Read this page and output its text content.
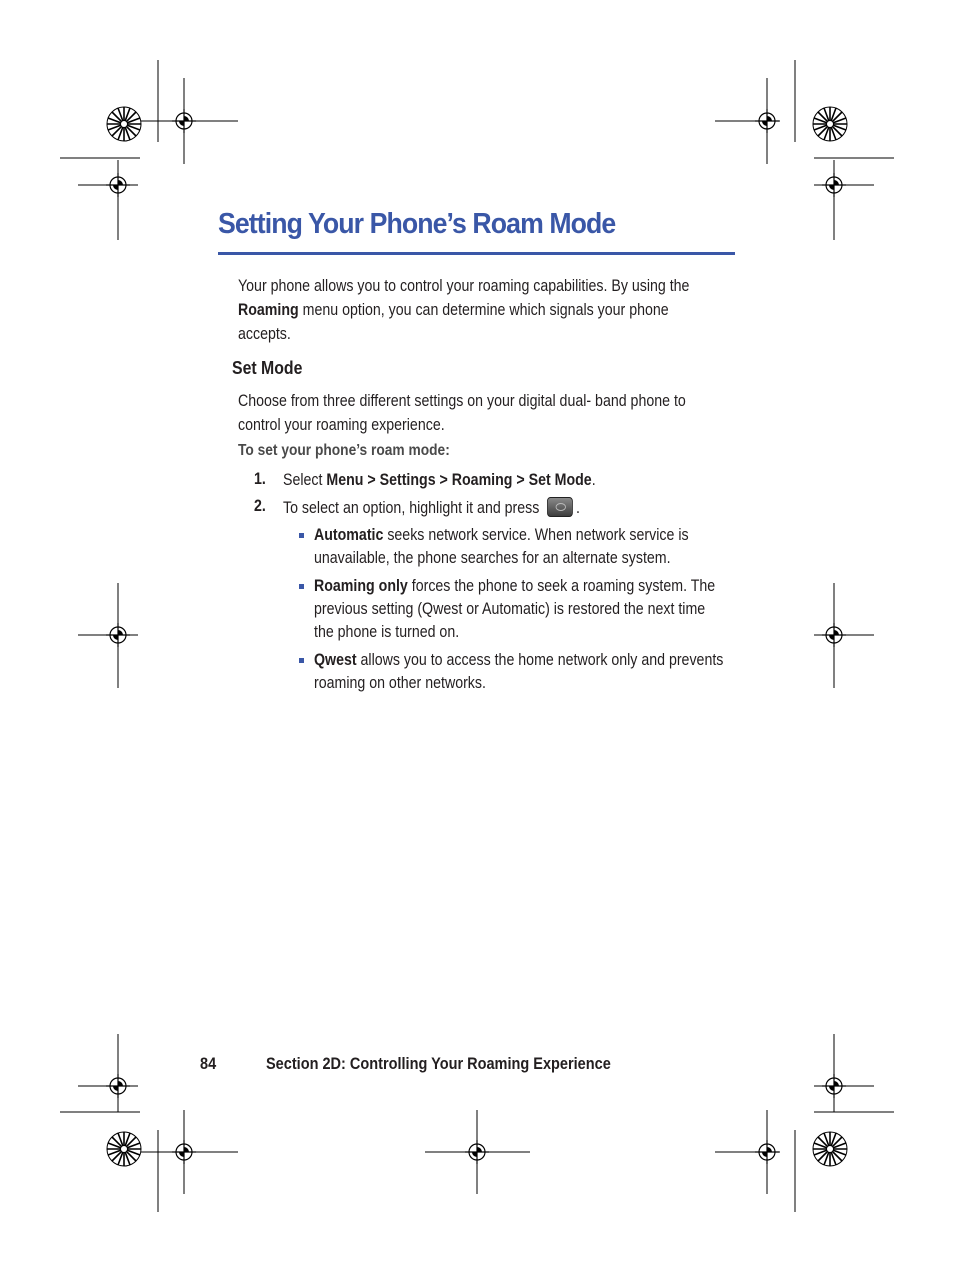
Setting Your Phone’s Roam Mode

Your phone allows you to control your roaming capabilities. By using the Roaming menu option, you can determine which signals your phone accepts.

Set Mode

Choose from three different settings on your digital dual- band phone to control your roaming experience.

To set your phone’s roam mode:

1. Select Menu > Settings > Roaming > Set Mode.
2. To select an option, highlight it and press .

Automatic seeks network service. When network service is unavailable, the phone searches for an alternate system.

Roaming only forces the phone to seek a roaming system. The previous setting (Qwest or Automatic) is restored the next time the phone is turned on.

Qwest allows you to access the home network only and prevents roaming on other networks.

84	Section 2D: Controlling Your Roaming Experience
